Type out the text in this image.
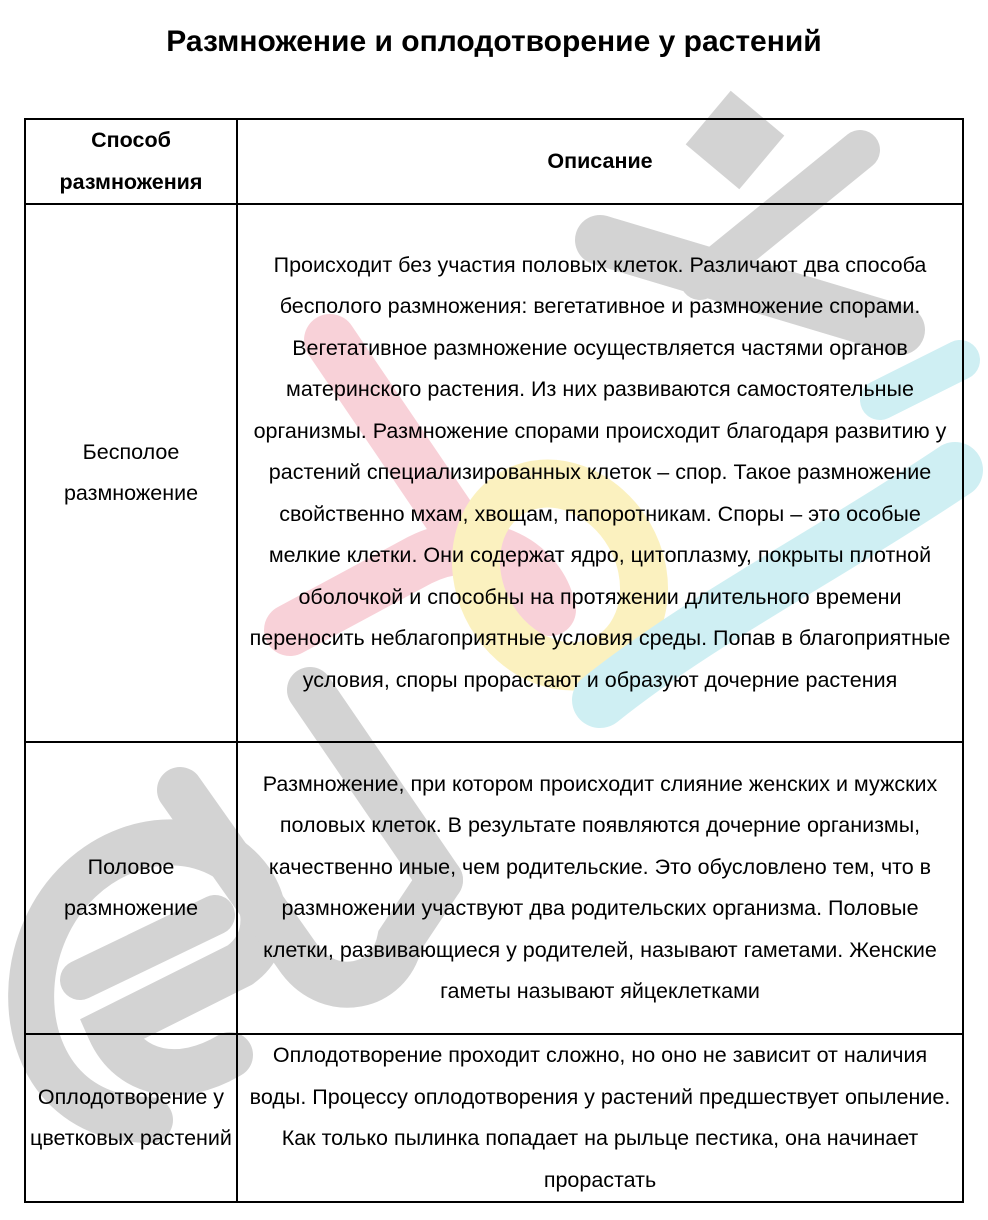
Размножение и оплодотворение у растений
Способ размножения	Описание
Бесполое размножение	Происходит без участия половых клеток. Различают два способа бесполого размножения: вегетативное и размножение спорами. Вегетативное размножение осуществляется частями органов материнского растения. Из них развиваются самостоятельные организмы. Размножение спорами происходит благодаря развитию у растений специализированных клеток – спор. Такое размножение свойственно мхам, хвощам, папоротникам. Споры – это особые мелкие клетки. Они содержат ядро, цитоплазму, покрыты плотной оболочкой и способны на протяжении длительного времени переносить неблагоприятные условия среды. Попав в благоприятные условия, споры прорастают и образуют дочерние растения
Половое размножение	Размножение, при котором происходит слияние женских и мужских половых клеток. В результате появляются дочерние организмы, качественно иные, чем родительские. Это обусловлено тем, что в размножении участвуют два родительских организма. Половые клетки, развивающиеся у родителей, называют гаметами. Женские гаметы называют яйцеклетками
Оплодотворение у цветковых растений	Оплодотворение проходит сложно, но оно не зависит от наличия воды. Процессу оплодотворения у растений предшествует опыление. Как только пылинка попадает на рыльце пестика, она начинает прорастать
